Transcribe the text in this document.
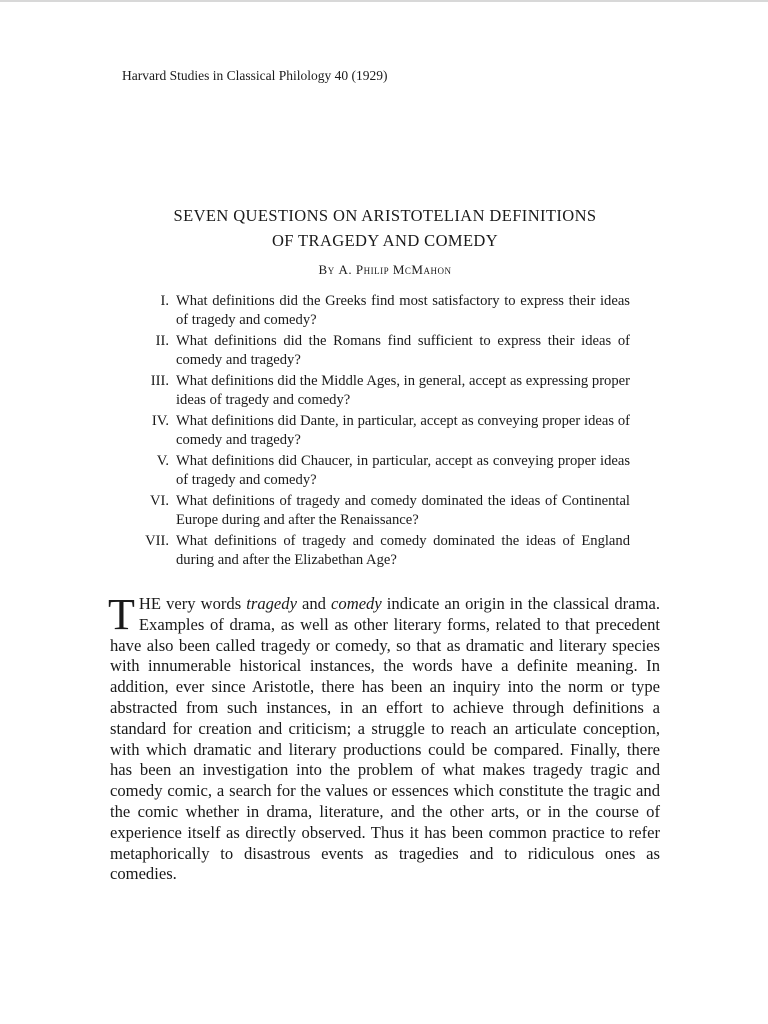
Harvard Studies in Classical Philology 40 (1929)
SEVEN QUESTIONS ON ARISTOTELIAN DEFINITIONS
OF TRAGEDY AND COMEDY
By A. Philip McMahon
I. What definitions did the Greeks find most satisfactory to express their ideas of tragedy and comedy?
II. What definitions did the Romans find sufficient to express their ideas of comedy and tragedy?
III. What definitions did the Middle Ages, in general, accept as expressing proper ideas of tragedy and comedy?
IV. What definitions did Dante, in particular, accept as conveying proper ideas of comedy and tragedy?
V. What definitions did Chaucer, in particular, accept as conveying proper ideas of tragedy and comedy?
VI. What definitions of tragedy and comedy dominated the ideas of Continental Europe during and after the Renaissance?
VII. What definitions of tragedy and comedy dominated the ideas of England during and after the Elizabethan Age?

THE very words tragedy and comedy indicate an origin in the classical drama. Examples of drama, as well as other literary forms, related to that precedent have also been called tragedy or comedy, so that as dramatic and literary species with innumerable historical instances, the words have a definite meaning. In addition, ever since Aristotle, there has been an inquiry into the norm or type abstracted from such instances, in an effort to achieve through definitions a standard for creation and criticism; a struggle to reach an articulate conception, with which dramatic and literary productions could be compared. Finally, there has been an investigation into the problem of what makes tragedy tragic and comedy comic, a search for the values or essences which constitute the tragic and the comic whether in drama, literature, and the other arts, or in the course of experience itself as directly observed. Thus it has been common practice to refer metaphorically to disastrous events as tragedies and to ridiculous ones as comedies.
